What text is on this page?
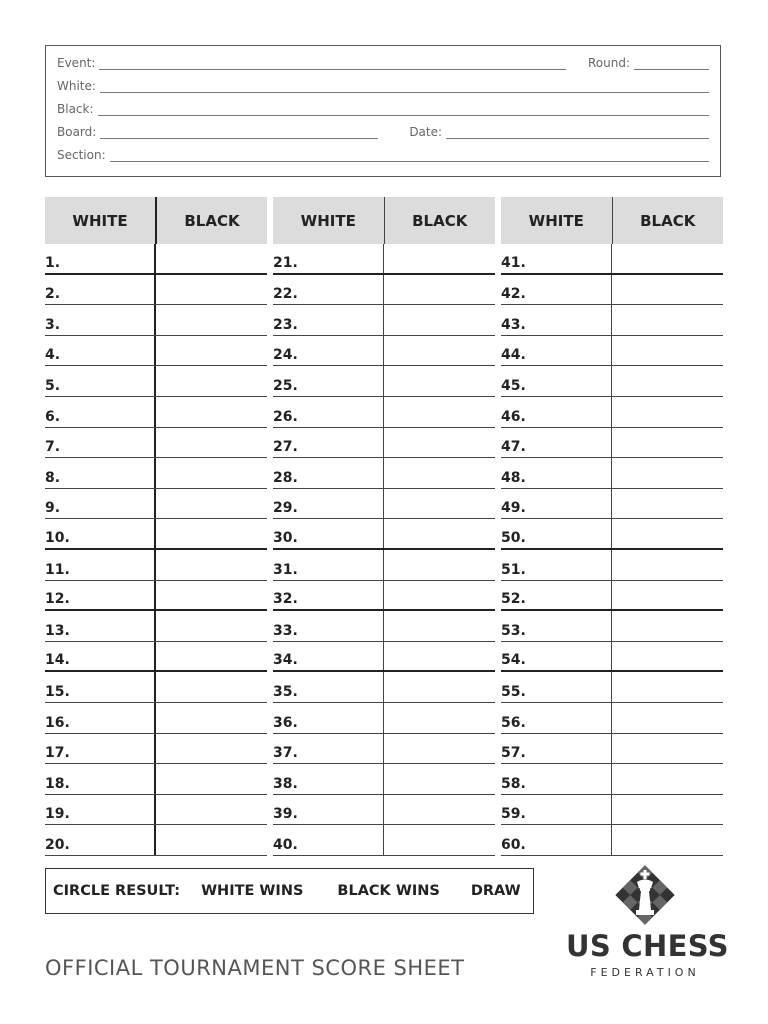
Event:	Round:
White:
Black:
Board:	Date:
Section:
WHITE	BLACK
1.
2.
3.
4.
5.
6.
7.
8.
9.
10.
11.
12.
13.
14.
15.
16.
17.
18.
19.
20.
WHITE	BLACK
21.
22.
23.
24.
25.
26.
27.
28.
29.
30.
31.
32.
33.
34.
35.
36.
37.
38.
39.
40.
WHITE	BLACK
41.
42.
43.
44.
45.
46.
47.
48.
49.
50.
51.
52.
53.
54.
55.
56.
57.
58.
59.
60.
CIRCLE RESULT: WHITE WINS BLACK WINS DRAW
OFFICIAL TOURNAMENT SCORE SHEET
US CHESS
FEDERATION
